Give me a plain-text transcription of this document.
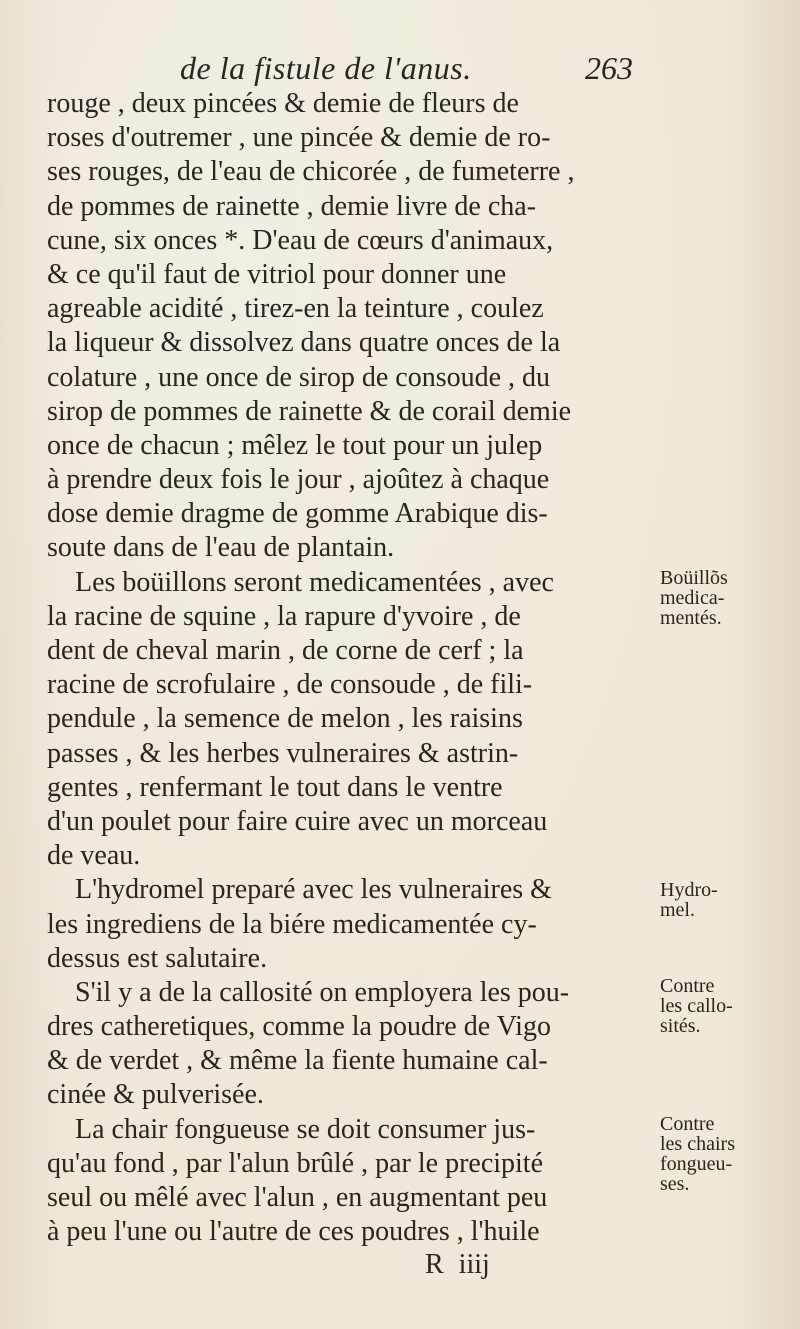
de la fistule de l'anus.	263
rouge , deux pincées & demie de fleurs de
roses d'outremer , une pincée & demie de ro-
ses rouges, de l'eau de chicorée , de fumeterre ,
de pommes de rainette , demie livre de cha-
cune, six onces *. D'eau de cœurs d'animaux,
& ce qu'il faut de vitriol pour donner une
agreable acidité , tirez-en la teinture , coulez
la liqueur & dissolvez dans quatre onces de la
colature , une once de sirop de consoude , du
sirop de pommes de rainette & de corail demie
once de chacun ; mêlez le tout pour un julep
à prendre deux fois le jour , ajoûtez à chaque
dose demie dragme de gomme Arabique dis-
soute dans de l'eau de plantain.
Les boüillons seront medicamentées , avec
la racine de squine , la rapure d'yvoire , de
dent de cheval marin , de corne de cerf ; la
racine de scrofulaire , de consoude , de fili-
pendule , la semence de melon , les raisins
passes , & les herbes vulneraires & astrin-
gentes , renfermant le tout dans le ventre
d'un poulet pour faire cuire avec un morceau
de veau.
L'hydromel preparé avec les vulneraires &
les ingrediens de la biére medicamentée cy-
dessus est salutaire.
S'il y a de la callosité on employera les pou-
dres catheretiques, comme la poudre de Vigo
& de verdet , & même la fiente humaine cal-
cinée & pulverisée.
La chair fongueuse se doit consumer jus-
qu'au fond , par l'alun brûlé , par le precipité
seul ou mêlé avec l'alun , en augmentant peu
à peu l'une ou l'autre de ces poudres , l'huile
Boüillõs
medica-
mentés.
Hydro-
mel.
Contre
les callo-
sités.
Contre
les chairs
fongueu-
ses.
R iiij
